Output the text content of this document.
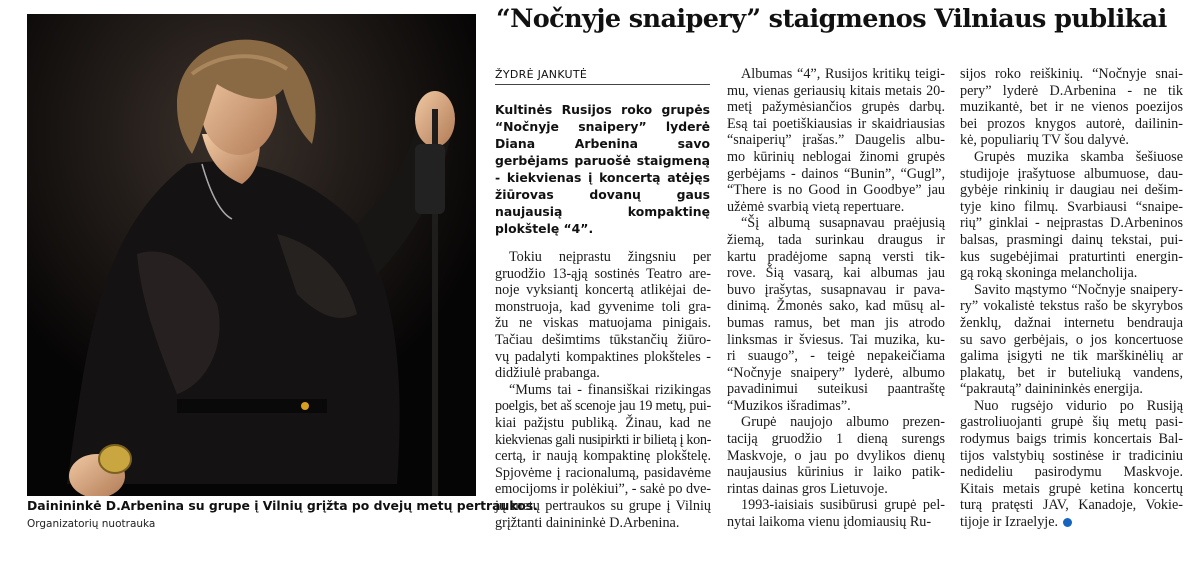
Dainininkė D.Arbenina su grupe į Vilnių grįžta po dvejų metų pertraukos.
Organizatorių nuotrauka
“Nočnyje snaipery” staigmenos Vilniaus publikai
ŽYDRĖ JANKUTĖ
Kultinės Rusijos roko grupės “Nočnyje snaipery” lyderė Diana Arbenina savo gerbėjams paruošė staigmeną - kiekvienas į koncertą atėjęs žiūrovas dovanų gaus naujausią kompaktinę plokštelę “4”.

Tokiu neįprastu žingsniu per
gruodžio 13-ąją sostinės Teatro are-
noje vyksiantį koncertą atlikėjai de-
monstruoja, kad gyvenime toli gra-
žu ne viskas matuojama pinigais.
Tačiau dešimtims tūkstančių žiūro-
vų padalyti kompaktines plokšteles -
didžiulė prabanga.

“Mums tai - finansiškai rizikingas
poelgis, bet aš scenoje jau 19 metų, pui-
kiai pažįstu publiką. Žinau, kad ne
kiekvienas gali nusipirkti ir bilietą į kon-
certą, ir naują kompaktinę plokštelę.
Spjovėme į racionalumą, pasidavėme
emocijoms ir polėkiui”, - sakė po dve-
jų metų pertraukos su grupe į Vilnių
grįžtanti dainininkė D.Arbenina.

Albumas “4”, Rusijos kritikų teigi-
mu, vienas geriausių kitais metais 20-
metį pažymėsiančios grupės darbų.
Esą tai poetiškiausias ir skaidriausias
“snaiperių” įrašas.” Daugelis albu-
mo kūrinių neblogai žinomi grupės
gerbėjams - dainos “Bunin”, “Gugl”,
“There is no Good in Goodbye” jau
užėmė svarbią vietą repertuare.

“Šį albumą susapnavau praėjusią
žiemą, tada surinkau draugus ir
kartu pradėjome sapną versti tik-
rove. Šią vasarą, kai albumas jau
buvo įrašytas, susapnavau ir pava-
dinimą. Žmonės sako, kad mūsų al-
bumas ramus, bet man jis atrodo
linksmas ir šviesus. Tai muzika, ku-
ri suaugo”, - teigė nepakeičiama
“Nočnyje snaipery” lyderė, albumo
pavadinimui suteikusi paantraštę
“Muzikos išradimas”.

Grupė naujojo albumo prezen-
taciją gruodžio 1 dieną surengs
Maskvoje, o jau po dvylikos dienų
naujausius kūrinius ir laiko patik-
rintas dainas gros Lietuvoje.

1993-iaisiais susibūrusi grupė pel-
nytai laikoma vienu įdomiausių Ru-

sijos roko reiškinių. “Nočnyje snai-
pery” lyderė D.Arbenina - ne tik
muzikantė, bet ir ne vienos poezijos
bei prozos knygos autorė, dailinin-
kė, populiarių TV šou dalyvė.

Grupės muzika skamba šešiuose
studijoje įrašytuose albumuose, dau-
gybėje rinkinių ir daugiau nei dešim-
tyje kino filmų. Svarbiausi “snaipe-
rių” ginklai - neįprastas D.Arbeninos
balsas, prasmingi dainų tekstai, pui-
kus sugebėjimai praturtinti energin-
gą roką skoninga melancholija.

Savito mąstymo “Nočnyje snaipery-
ry” vokalistė tekstus rašo be skyrybos
ženklų, dažnai internetu bendrauja
su savo gerbėjais, o jos koncertuose
galima įsigyti ne tik marškinėlių ar
plakatų, bet ir buteliuką vandens,
“pakrautą” dainininkės energija.

Nuo rugsėjo vidurio po Rusiją
gastroliuojanti grupė šių metų pasi-
rodymus baigs trimis koncertais Bal-
tijos valstybių sostinėse ir tradiciniu
nedideliu pasirodymu Maskvoje.
Kitais metais grupė ketina koncertų
turą pratęsti JAV, Kanadoje, Vokie-
tijoje ir Izraelyje.
